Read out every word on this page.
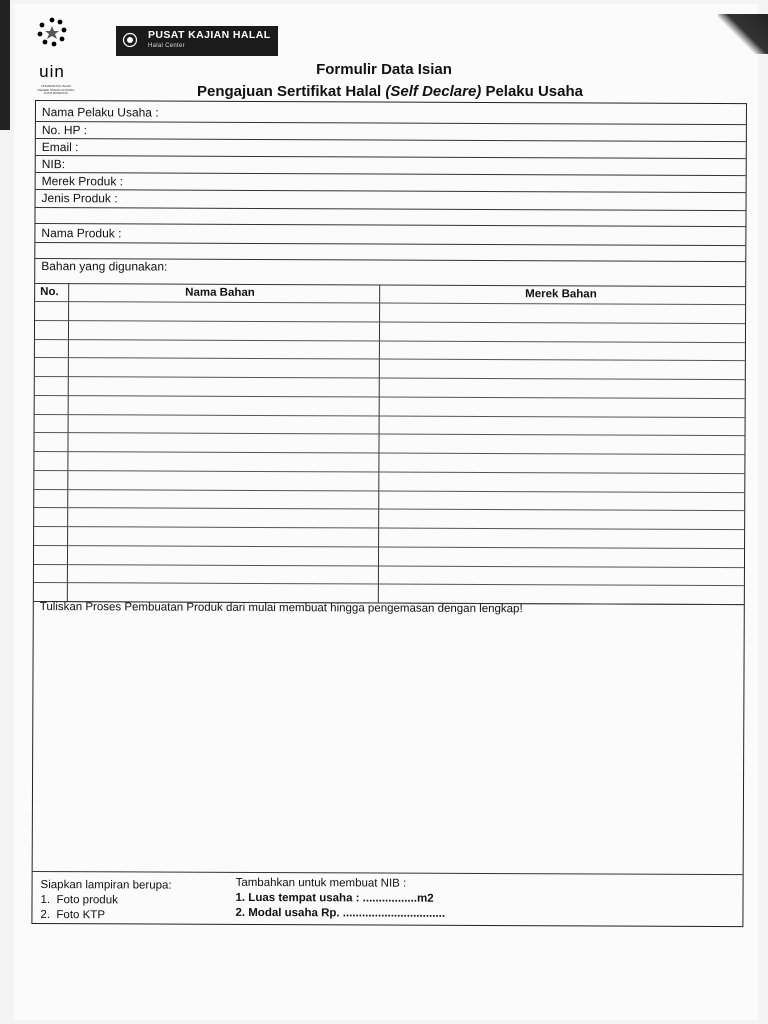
uin
UNIVERSITAS ISLAM NEGERI SUNAN GUNUNG DJATI BANDUNG
PUSAT KAJIAN HALAL
Halal Center
Formulir Data Isian
Pengajuan Sertifikat Halal (Self Declare) Pelaku Usaha
Nama Pelaku Usaha :
No. HP :
Email :
NIB:
Merek Produk :
Jenis Produk :
Nama Produk :
Bahan yang digunakan:
No.	Nama Bahan	Merek Bahan
Tuliskan Proses Pembuatan Produk dari mulai membuat hingga pengemasan dengan lengkap!
Siapkan lampiran berupa:
1.  Foto produk
2.  Foto KTP
Tambahkan untuk membuat NIB :
1. Luas tempat usaha : .................m2
2. Modal usaha Rp. ................................
